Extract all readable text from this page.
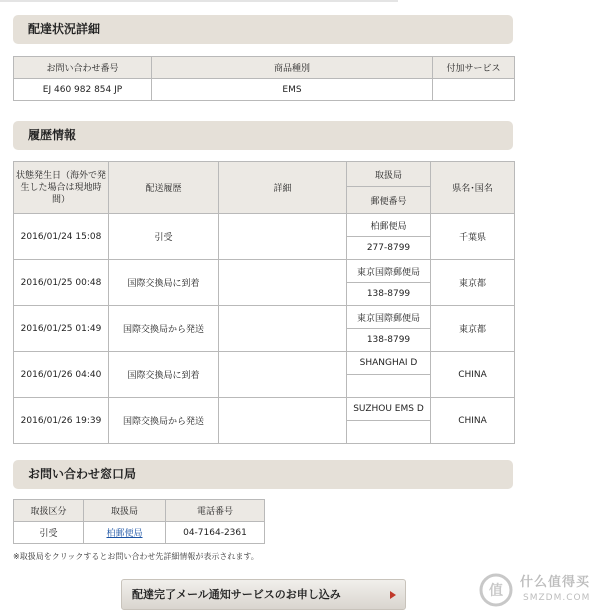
配達状況詳細
お問い合わせ番号	商品種別	付加サービス
EJ 460 982 854 JP	EMS	
履歴情報
状態発生日（海外で発生した場合は現地時間）	配送履歴	詳細	取扱局	県名･国名
			郵便番号	
2016/01/24 15:08	引受		柏郵便局	千葉県
			277-8799	
2016/01/25 00:48	国際交換局に到着		東京国際郵便局	東京都
			138-8799	
2016/01/25 01:49	国際交換局から発送		東京国際郵便局	東京都
			138-8799	
2016/01/26 04:40	国際交換局に到着		SHANGHAI D	CHINA

2016/01/26 19:39	国際交換局から発送		SUZHOU EMS D	CHINA

お問い合わせ窓口局
取扱区分	取扱局	電話番号
引受	柏郵便局	04-7164-2361
※取扱局をクリックするとお問い合わせ先詳細情報が表示されます。
配達完了メール通知サービスのお申し込み	值
什么值得买
SMZDM.COM
